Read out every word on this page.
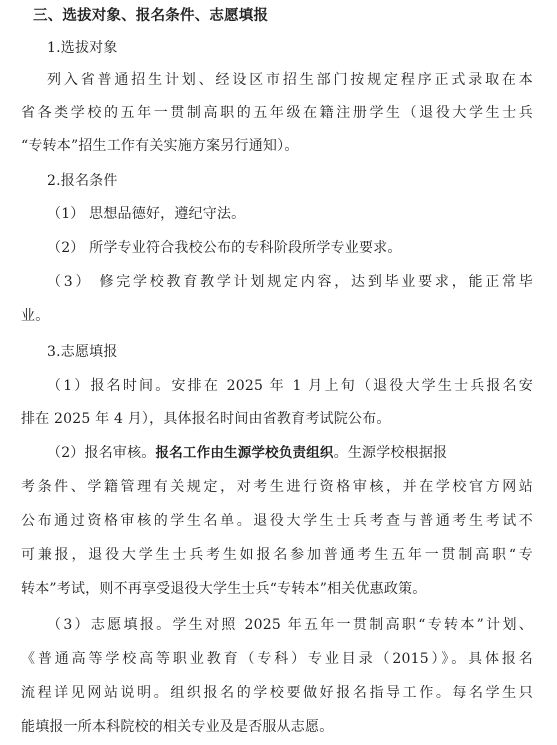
三、选拔对象、报名条件、志愿填报
1.选拔对象
列入省普通招生计划、经设区市招生部门按规定程序正式录取在本
省各类学校的五年一贯制高职的五年级在籍注册学生（退役大学生士兵
“专转本”招生工作有关实施方案另行通知）。
2.报名条件
（1） 思想品德好，遵纪守法。
（2） 所学专业符合我校公布的专科阶段所学专业要求。
（3） 修完学校教育教学计划规定内容，达到毕业要求，能正常毕
业。
3.志愿填报
（1）报名时间。安排在 2025 年 1 月上旬（退役大学生士兵报名安
排在 2025 年 4 月），具体报名时间由省教育考试院公布。
（2）报名审核。报名工作由生源学校负责组织。生源学校根据报
考条件、学籍管理有关规定，对考生进行资格审核，并在学校官方网站
公布通过资格审核的学生名单。退役大学生士兵考查与普通考生考试不
可兼报，退役大学生士兵考生如报名参加普通考生五年一贯制高职“专
转本”考试，则不再享受退役大学生士兵“专转本”相关优惠政策。
（3）志愿填报。学生对照 2025 年五年一贯制高职“专转本”计划、
《普通高等学校高等职业教育（专科）专业目录（2015）》。具体报名
流程详见网站说明。组织报名的学校要做好报名指导工作。每名学生只
能填报一所本科院校的相关专业及是否服从志愿。
